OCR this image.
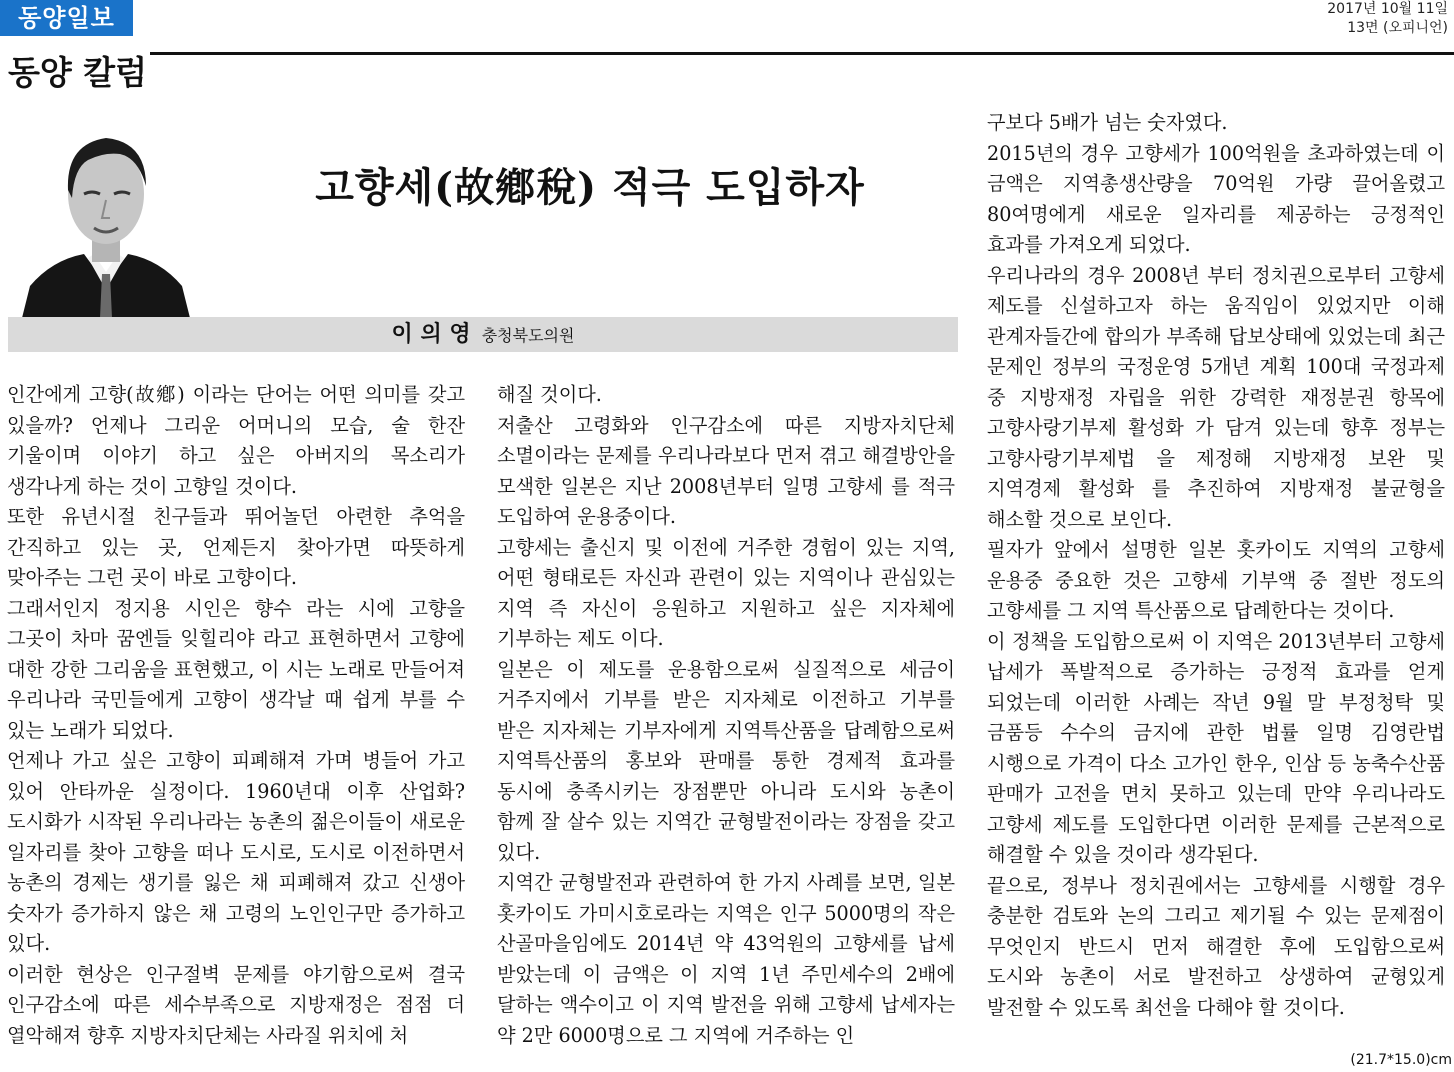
동양일보	2017년 10월 11일
13면 (오피니언)
동양 칼럼
고향세(故鄕稅) 적극 도입하자
이 의 영 충청북도의원
인간에게 고향(故鄕) 이라는 단어는 어떤 의미를 갖고 있을까? 언제나 그리운 어머니의 모습, 술 한잔 기울이며 이야기 하고 싶은 아버지의 목소리가 생각나게 하는 것이 고향일 것이다.
또한 유년시절 친구들과 뛰어놀던 아련한 추억을 간직하고 있는 곳, 언제든지 찾아가면 따뜻하게 맞아주는 그런 곳이 바로 고향이다.
그래서인지 정지용 시인은 향수 라는 시에 고향을 그곳이 차마 꿈엔들 잊힐리야 라고 표현하면서 고향에 대한 강한 그리움을 표현했고, 이 시는 노래로 만들어져 우리나라 국민들에게 고향이 생각날 때 쉽게 부를 수 있는 노래가 되었다.
언제나 가고 싶은 고향이 피폐해져 가며 병들어 가고 있어 안타까운 실정이다. 1960년대 이후 산업화?도시화가 시작된 우리나라는 농촌의 젊은이들이 새로운 일자리를 찾아 고향을 떠나 도시로, 도시로 이전하면서 농촌의 경제는 생기를 잃은 채 피폐해져 갔고 신생아 숫자가 증가하지 않은 채 고령의 노인인구만 증가하고 있다.
이러한 현상은 인구절벽 문제를 야기함으로써 결국 인구감소에 따른 세수부족으로 지방재정은 점점 더 열악해져 향후 지방자치단체는 사라질 위치에 처
해질 것이다.
저출산 고령화와 인구감소에 따른 지방자치단체 소멸이라는 문제를 우리나라보다 먼저 겪고 해결방안을 모색한 일본은 지난 2008년부터 일명 고향세 를 적극 도입하여 운용중이다.
고향세는 출신지 및 이전에 거주한 경험이 있는 지역, 어떤 형태로든 자신과 관련이 있는 지역이나 관심있는 지역 즉 자신이 응원하고 지원하고 싶은 지자체에 기부하는 제도 이다.
일본은 이 제도를 운용함으로써 실질적으로 세금이 거주지에서 기부를 받은 지자체로 이전하고 기부를 받은 지자체는 기부자에게 지역특산품을 답례함으로써 지역특산품의 홍보와 판매를 통한 경제적 효과를 동시에 충족시키는 장점뿐만 아니라 도시와 농촌이 함께 잘 살수 있는 지역간 균형발전이라는 장점을 갖고 있다.
지역간 균형발전과 관련하여 한 가지 사례를 보면, 일본 홋카이도 가미시호로라는 지역은 인구 5000명의 작은 산골마을임에도 2014년 약 43억원의 고향세를 납세 받았는데 이 금액은 이 지역 1년 주민세수의 2배에 달하는 액수이고 이 지역 발전을 위해 고향세 납세자는 약 2만 6000명으로 그 지역에 거주하는 인
구보다 5배가 넘는 숫자였다.
2015년의 경우 고향세가 100억원을 초과하였는데 이 금액은 지역총생산량을 70억원 가량 끌어올렸고 80여명에게 새로운 일자리를 제공하는 긍정적인 효과를 가져오게 되었다.
우리나라의 경우 2008년 부터 정치권으로부터 고향세 제도를 신설하고자 하는 움직임이 있었지만 이해 관계자들간에 합의가 부족해 답보상태에 있었는데 최근 문제인 정부의 국정운영 5개년 계획 100대 국정과제 중 지방재정 자립을 위한 강력한 재정분권 항목에 고향사랑기부제 활성화 가 담겨 있는데 향후 정부는 고향사랑기부제법 을 제정해 지방재정 보완 및 지역경제 활성화 를 추진하여 지방재정 불균형을 해소할 것으로 보인다.
필자가 앞에서 설명한 일본 홋카이도 지역의 고향세 운용중 중요한 것은 고향세 기부액 중 절반 정도의 고향세를 그 지역 특산품으로 답례한다는 것이다.
이 정책을 도입함으로써 이 지역은 2013년부터 고향세 납세가 폭발적으로 증가하는 긍정적 효과를 얻게 되었는데 이러한 사례는 작년 9월 말 부정청탁 및 금품등 수수의 금지에 관한 법률 일명 김영란법 시행으로 가격이 다소 고가인 한우, 인삼 등 농축수산품 판매가 고전을 면치 못하고 있는데 만약 우리나라도 고향세 제도를 도입한다면 이러한 문제를 근본적으로 해결할 수 있을 것이라 생각된다.
끝으로, 정부나 정치권에서는 고향세를 시행할 경우 충분한 검토와 논의 그리고 제기될 수 있는 문제점이 무엇인지 반드시 먼저 해결한 후에 도입함으로써 도시와 농촌이 서로 발전하고 상생하여 균형있게 발전할 수 있도록 최선을 다해야 할 것이다.
(21.7*15.0)cm
